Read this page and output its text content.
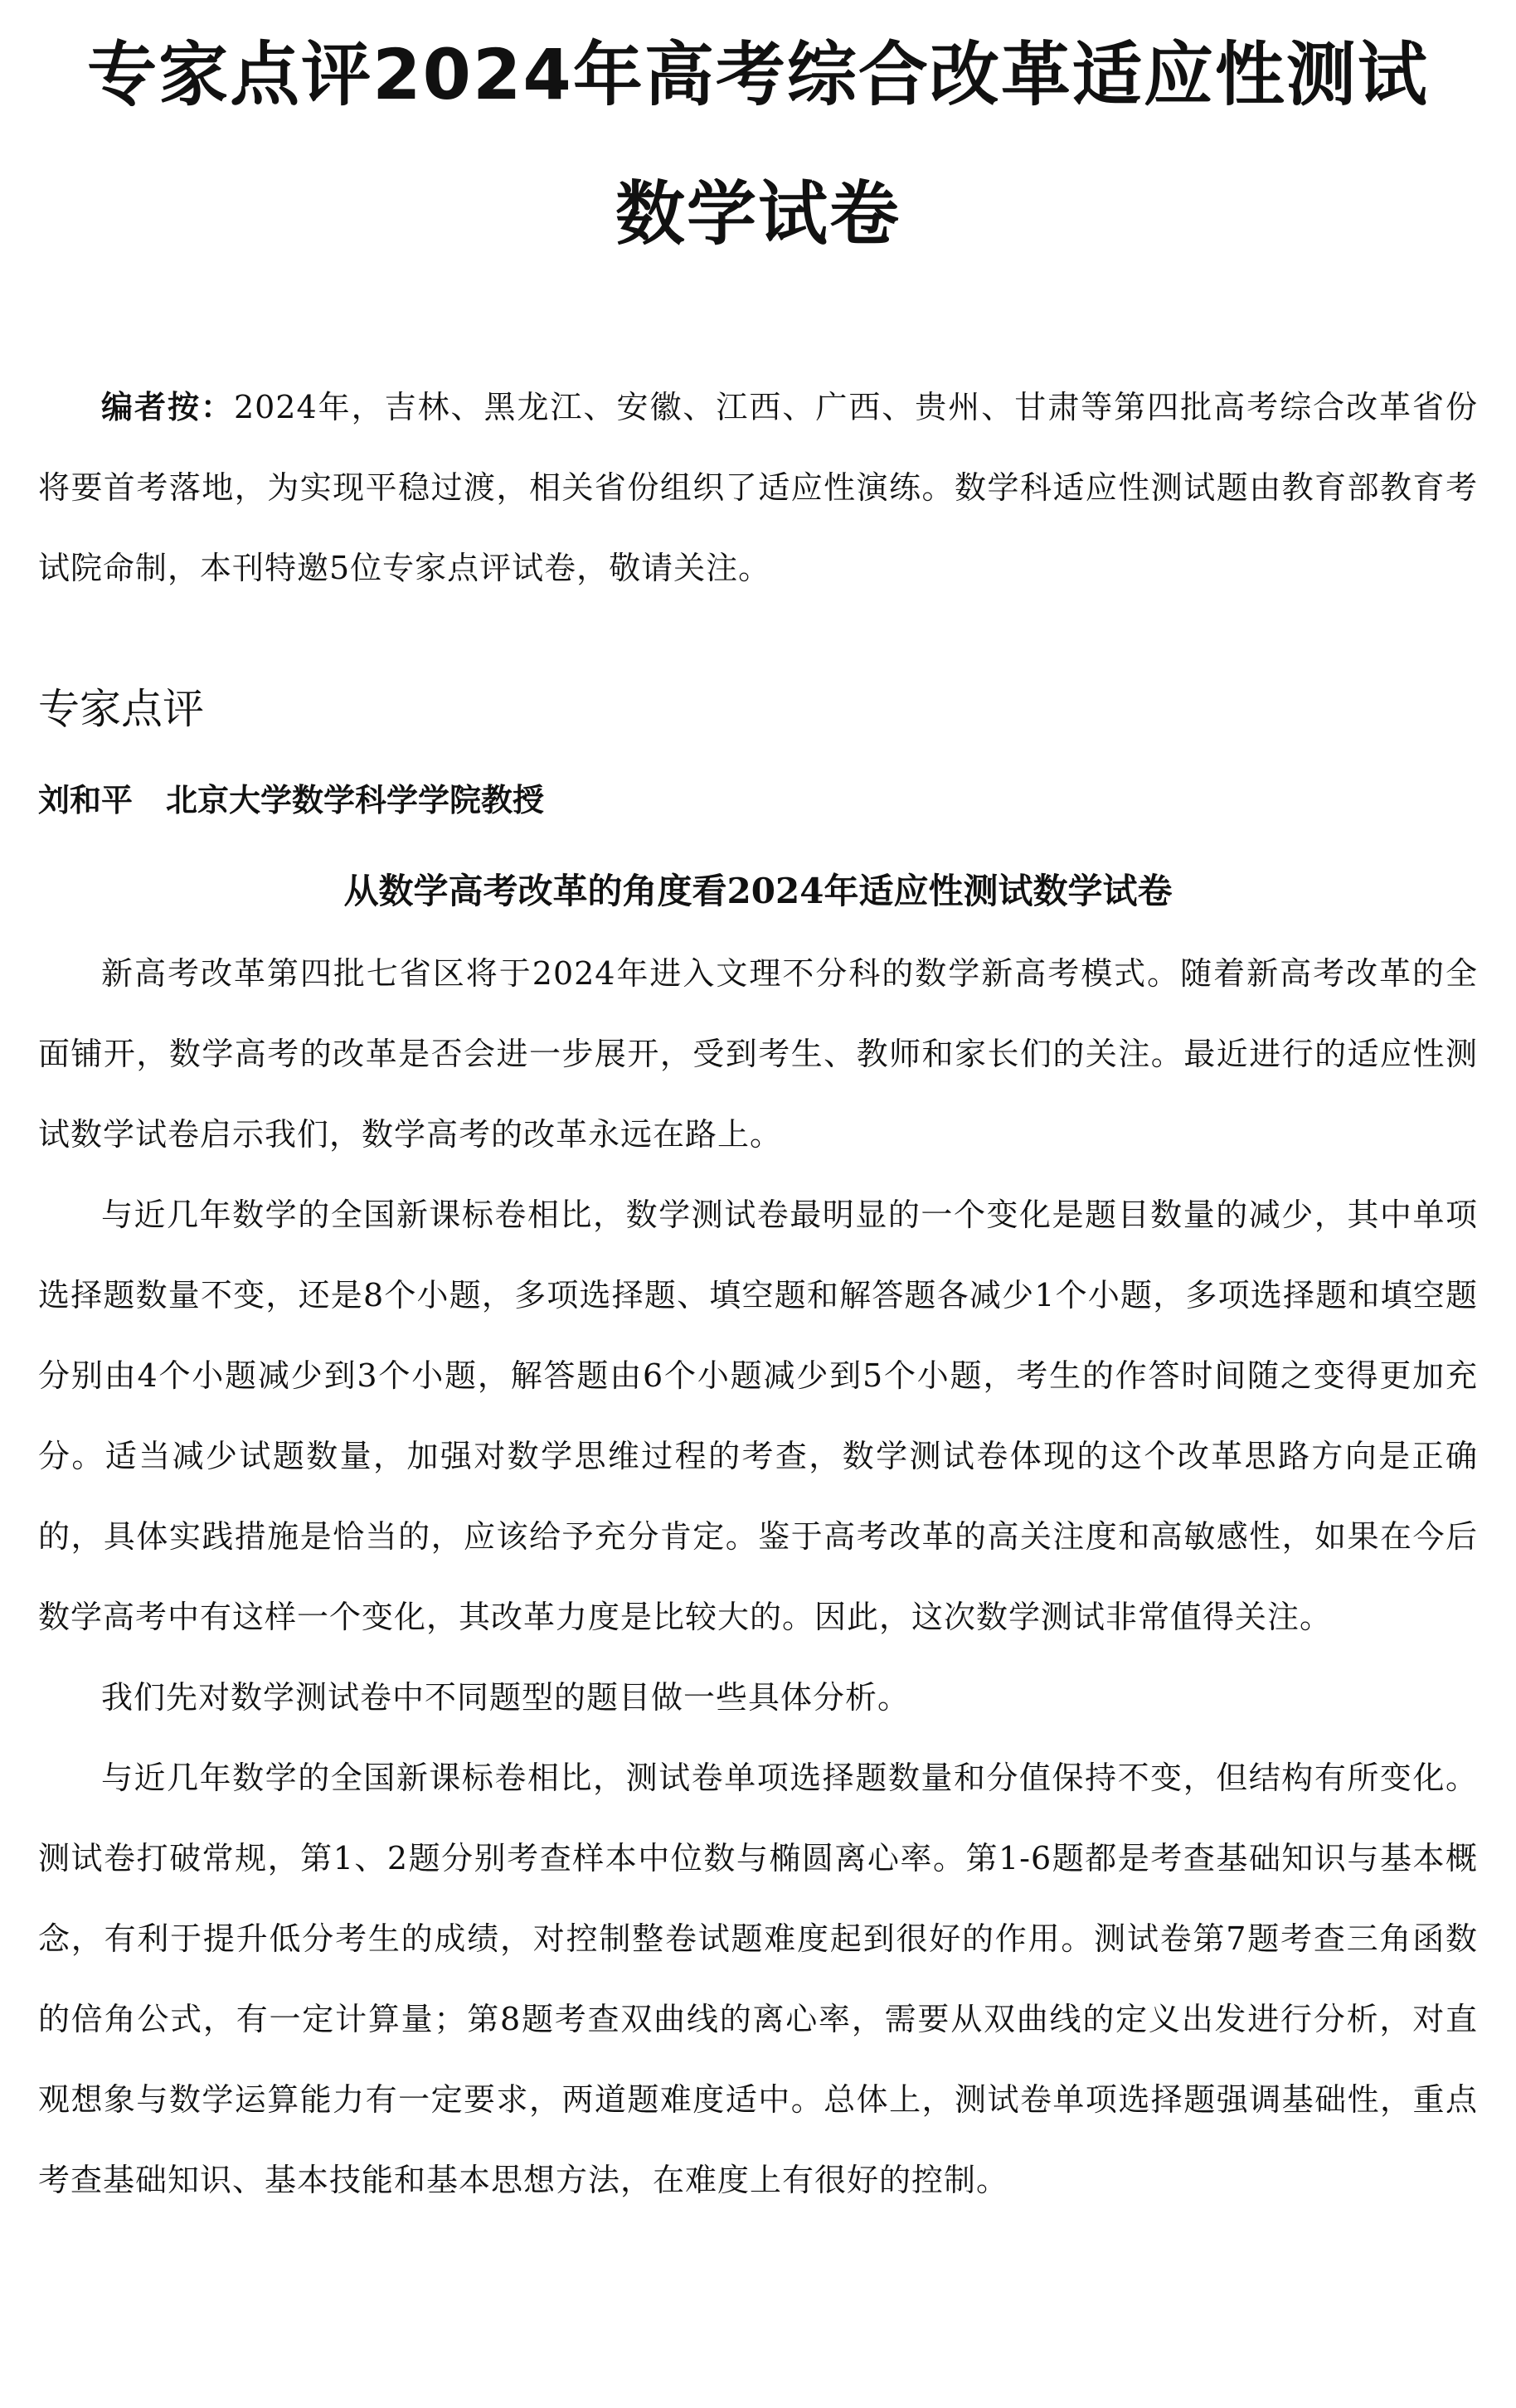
专家点评2024年高考综合改革适应性测试
数学试卷

编者按：2024年，吉林、黑龙江、安徽、江西、广西、贵州、甘肃等第四批高考综合改革省份将要首考落地，为实现平稳过渡，相关省份组织了适应性演练。数学科适应性测试题由教育部教育考试院命制，本刊特邀5位专家点评试卷，敬请关注。

专家点评
刘和平 北京大学数学科学学院教授
从数学高考改革的角度看2024年适应性测试数学试卷

新高考改革第四批七省区将于2024年进入文理不分科的数学新高考模式。随着新高考改革的全面铺开，数学高考的改革是否会进一步展开，受到考生、教师和家长们的关注。最近进行的适应性测试数学试卷启示我们，数学高考的改革永远在路上。

与近几年数学的全国新课标卷相比，数学测试卷最明显的一个变化是题目数量的减少，其中单项选择题数量不变，还是8个小题，多项选择题、填空题和解答题各减少1个小题，多项选择题和填空题分别由4个小题减少到3个小题，解答题由6个小题减少到5个小题，考生的作答时间随之变得更加充分。适当减少试题数量，加强对数学思维过程的考查，数学测试卷体现的这个改革思路方向是正确的，具体实践措施是恰当的，应该给予充分肯定。鉴于高考改革的高关注度和高敏感性，如果在今后数学高考中有这样一个变化，其改革力度是比较大的。因此，这次数学测试非常值得关注。

我们先对数学测试卷中不同题型的题目做一些具体分析。

与近几年数学的全国新课标卷相比，测试卷单项选择题数量和分值保持不变，但结构有所变化。测试卷打破常规，第1、2题分别考查样本中位数与椭圆离心率。第1-6题都是考查基础知识与基本概念，有利于提升低分考生的成绩，对控制整卷试题难度起到很好的作用。测试卷第7题考查三角函数的倍角公式，有一定计算量；第8题考查双曲线的离心率，需要从双曲线的定义出发进行分析，对直观想象与数学运算能力有一定要求，两道题难度适中。总体上，测试卷单项选择题强调基础性，重点考查基础知识、基本技能和基本思想方法，在难度上有很好的控制。
